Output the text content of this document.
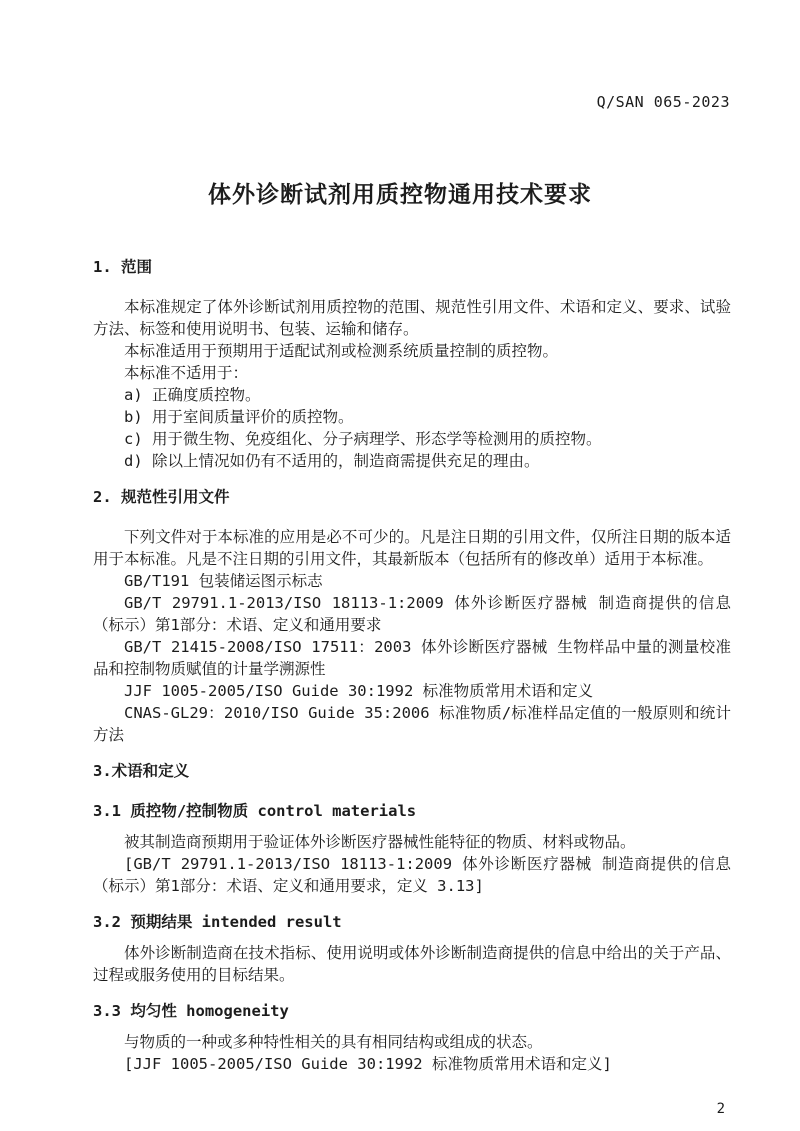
Q/SAN 065-2023
体外诊断试剂用质控物通用技术要求
1. 范围

本标准规定了体外诊断试剂用质控物的范围、规范性引用文件、术语和定义、要求、试验方法、标签和使用说明书、包装、运输和储存。

本标准适用于预期用于适配试剂或检测系统质量控制的质控物。

本标准不适用于：

a) 正确度质控物。

b) 用于室间质量评价的质控物。

c) 用于微生物、免疫组化、分子病理学、形态学等检测用的质控物。

d) 除以上情况如仍有不适用的，制造商需提供充足的理由。

2. 规范性引用文件

下列文件对于本标准的应用是必不可少的。凡是注日期的引用文件，仅所注日期的版本适用于本标准。凡是不注日期的引用文件，其最新版本（包括所有的修改单）适用于本标准。

GB/T191 包装储运图示标志

GB/T 29791.1-2013/ISO 18113-1:2009 体外诊断医疗器械 制造商提供的信息（标示）第1部分：术语、定义和通用要求

GB/T 21415-2008/ISO 17511：2003 体外诊断医疗器械 生物样品中量的测量校准品和控制物质赋值的计量学溯源性

JJF 1005-2005/ISO Guide 30:1992 标准物质常用术语和定义

CNAS-GL29：2010/ISO Guide 35:2006 标准物质/标准样品定值的一般原则和统计方法

3.术语和定义
3.1 质控物/控制物质 control materials

被其制造商预期用于验证体外诊断医疗器械性能特征的物质、材料或物品。

[GB/T 29791.1-2013/ISO 18113-1:2009 体外诊断医疗器械 制造商提供的信息（标示）第1部分：术语、定义和通用要求，定义 3.13]

3.2 预期结果 intended result

体外诊断制造商在技术指标、使用说明或体外诊断制造商提供的信息中给出的关于产品、过程或服务使用的目标结果。

3.3 均匀性 homogeneity

与物质的一种或多种特性相关的具有相同结构或组成的状态。

[JJF 1005-2005/ISO Guide 30:1992 标准物质常用术语和定义]

2
